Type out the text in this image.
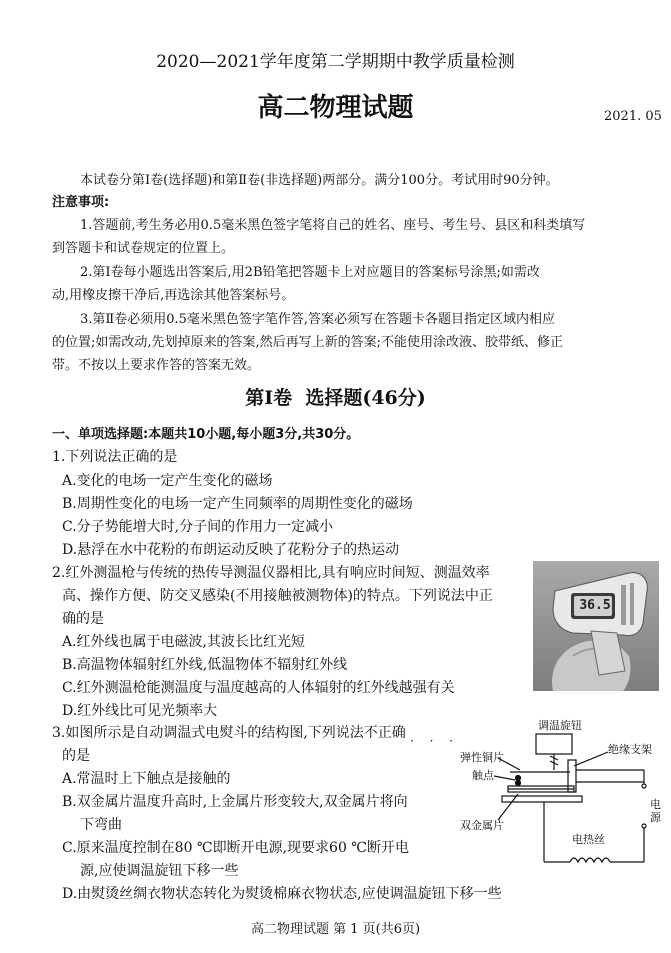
2020—2021学年度第二学期期中教学质量检测
高二物理试题	2021. 05
本试卷分第Ⅰ卷(选择题)和第Ⅱ卷(非选择题)两部分。满分100分。考试用时90分钟。
注意事项:
1.答题前,考生务必用0.5毫米黑色签字笔将自己的姓名、座号、考生号、县区和科类填写
到答题卡和试卷规定的位置上。
2.第Ⅰ卷每小题选出答案后,用2B铅笔把答题卡上对应题目的答案标号涂黑;如需改
动,用橡皮擦干净后,再选涂其他答案标号。
3.第Ⅱ卷必须用0.5毫米黑色签字笔作答,答案必须写在答题卡各题目指定区域内相应
的位置;如需改动,先划掉原来的答案,然后再写上新的答案;不能使用涂改液、胶带纸、修正
带。不按以上要求作答的答案无效。
第Ⅰ卷  选择题(46分)
一、单项选择题:本题共10小题,每小题3分,共30分。
1.下列说法正确的是
A.变化的电场一定产生变化的磁场
B.周期性变化的电场一定产生同频率的周期性变化的磁场
C.分子势能增大时,分子间的作用力一定减小
D.悬浮在水中花粉的布朗运动反映了花粉分子的热运动
2.红外测温枪与传统的热传导测温仪器相比,具有响应时间短、测温效率
高、操作方便、防交叉感染(不用接触被测物体)的特点。下列说法中正
确的是
A.红外线也属于电磁波,其波长比红光短
B.高温物体辐射红外线,低温物体不辐射红外线
C.红外测温枪能测温度与温度越高的人体辐射的红外线越强有关
D.红外线比可见光频率大
36.5
3.如图所示是自动调温式电熨斗的结构图,下列说法不正确 · · ·
的是
A.常温时上下触点是接触的
B.双金属片温度升高时,上金属片形变较大,双金属片将向
下弯曲
C.原来温度控制在80 ℃即断开电源,现要求60 ℃断开电
源,应使调温旋钮下移一些
D.由熨烫丝绸衣物状态转化为熨烫棉麻衣物状态,应使调温旋钮下移一些
调温旋钮
弹性铜片
绝缘支架
触点
双金属片
电热丝
电源
高二物理试题 第 1 页(共6页)
